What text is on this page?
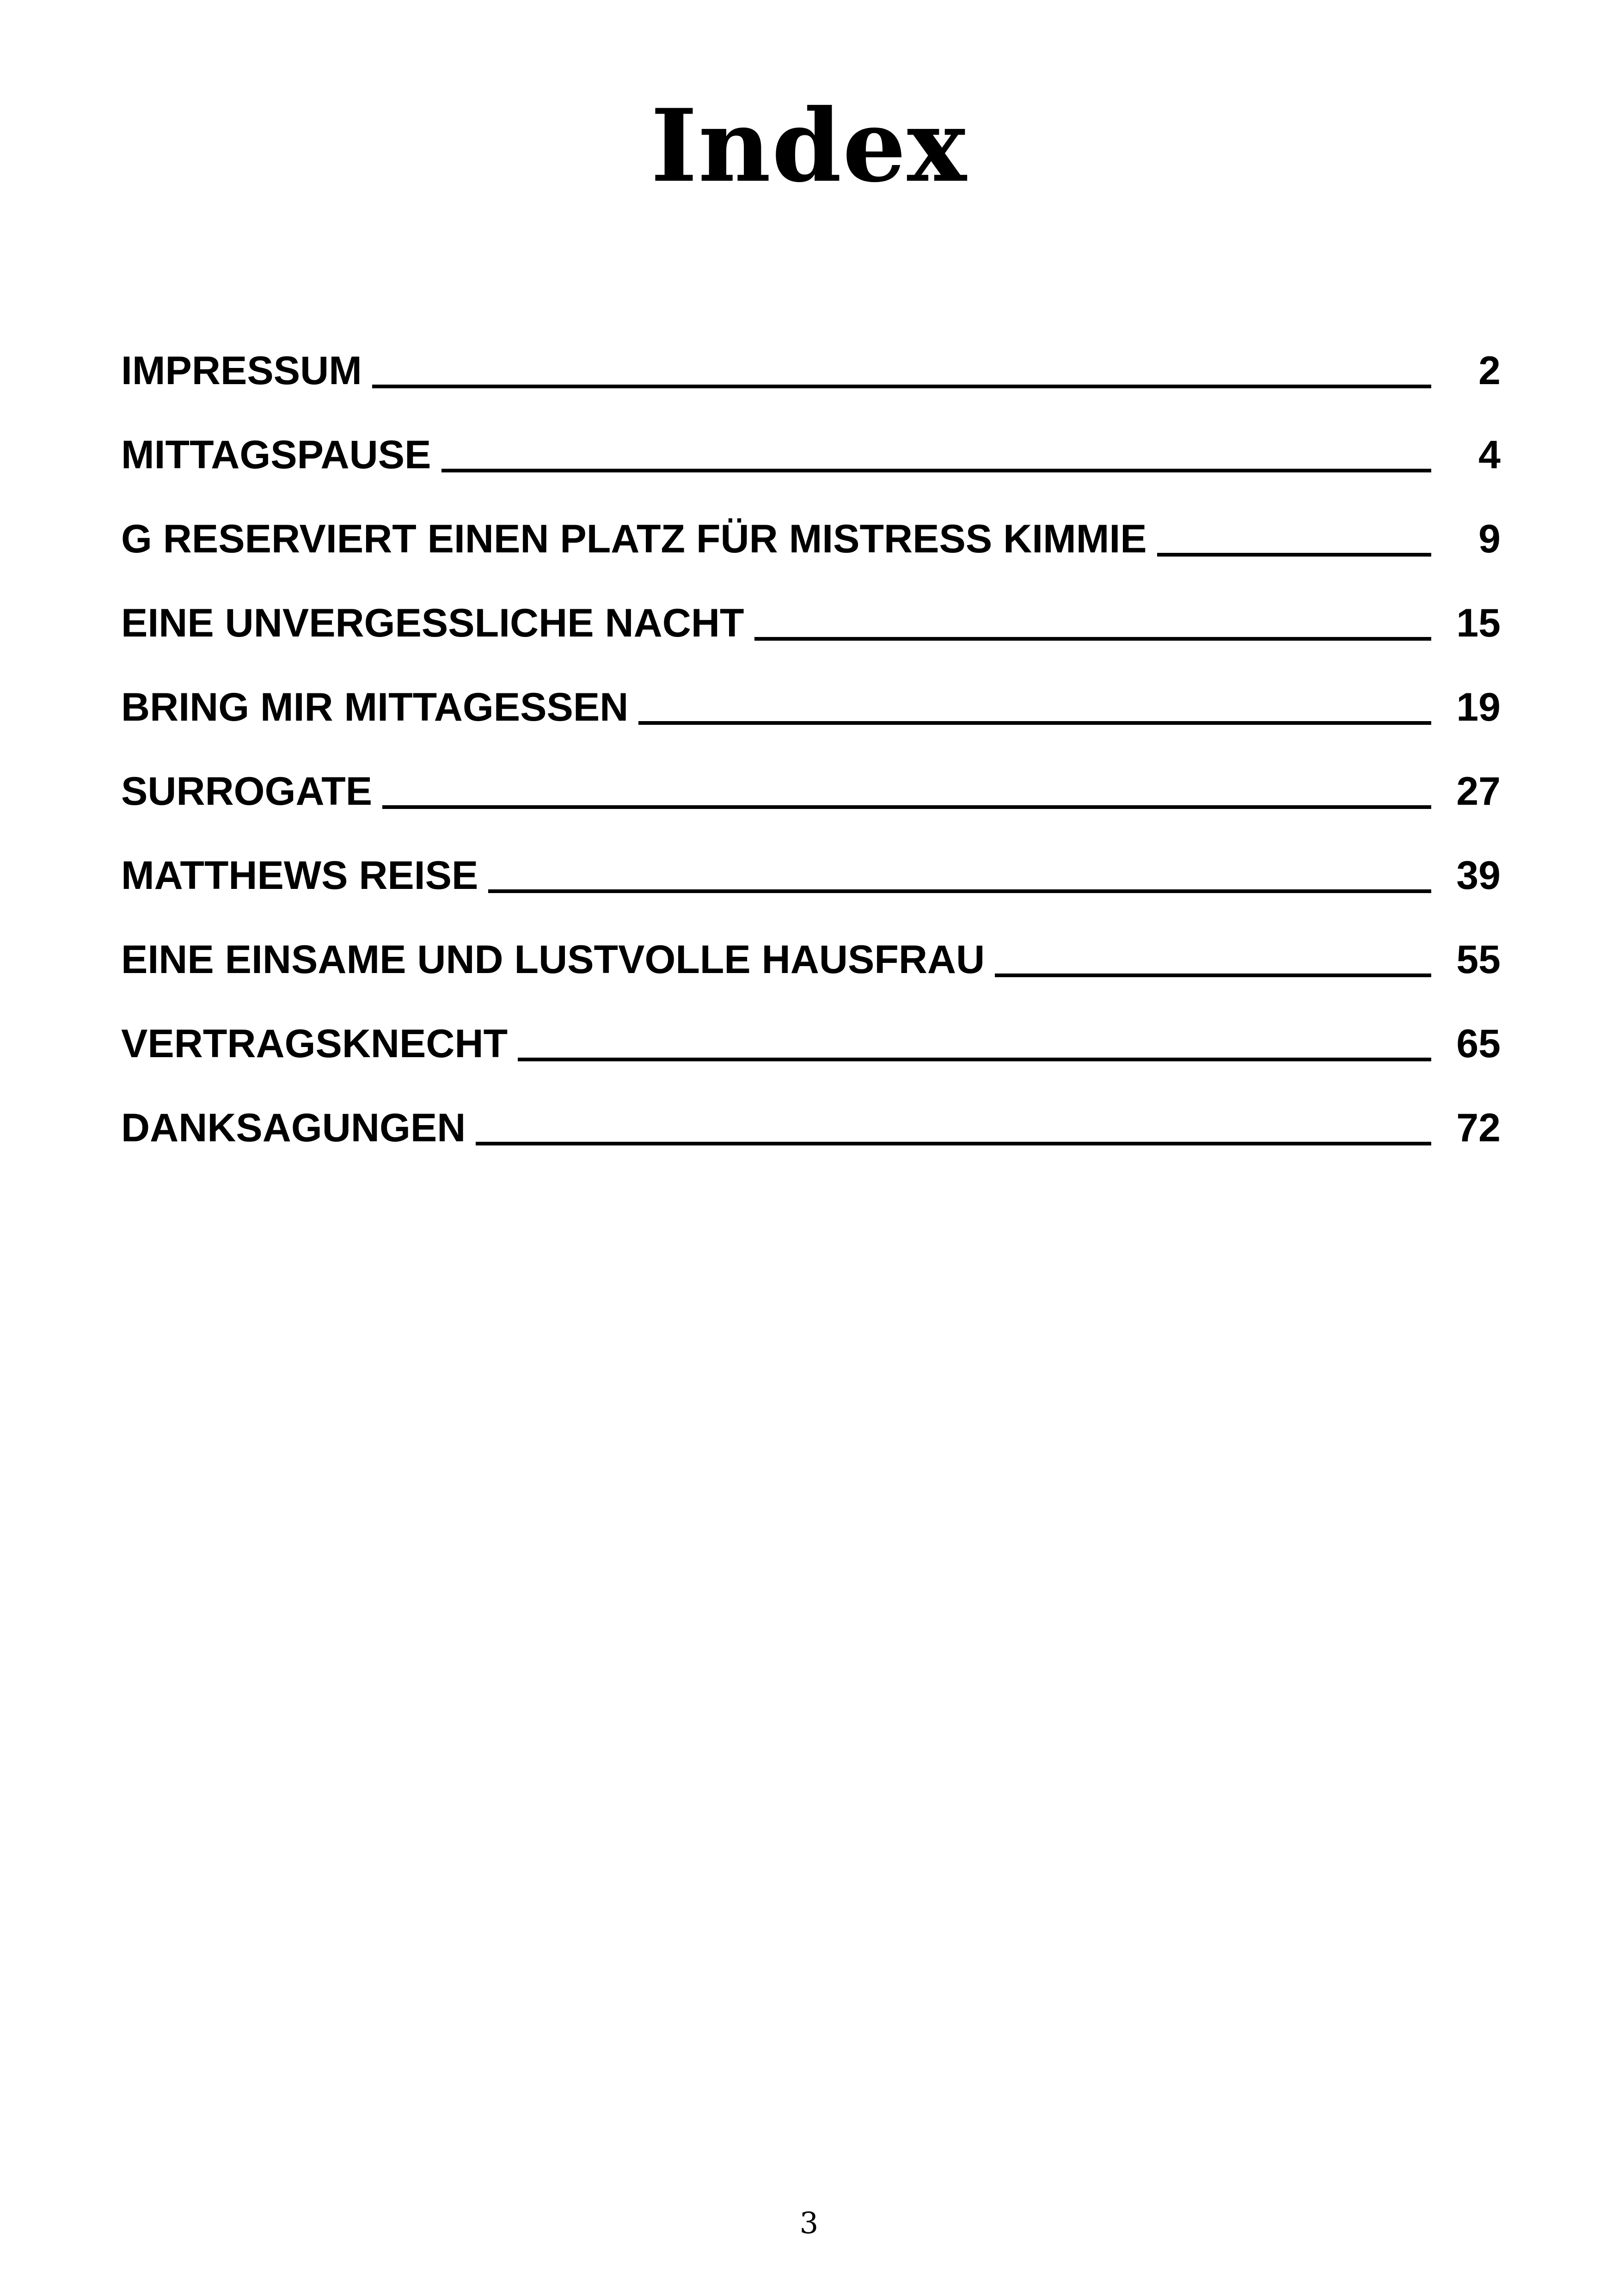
Index
IMPRESSUM	2
MITTAGSPAUSE	4
G RESERVIERT EINEN PLATZ FÜR MISTRESS KIMMIE	9
EINE UNVERGESSLICHE NACHT	15
BRING MIR MITTAGESSEN	19
SURROGATE	27
MATTHEWS REISE	39
EINE EINSAME UND LUSTVOLLE HAUSFRAU	55
VERTRAGSKNECHT	65
DANKSAGUNGEN	72
3
